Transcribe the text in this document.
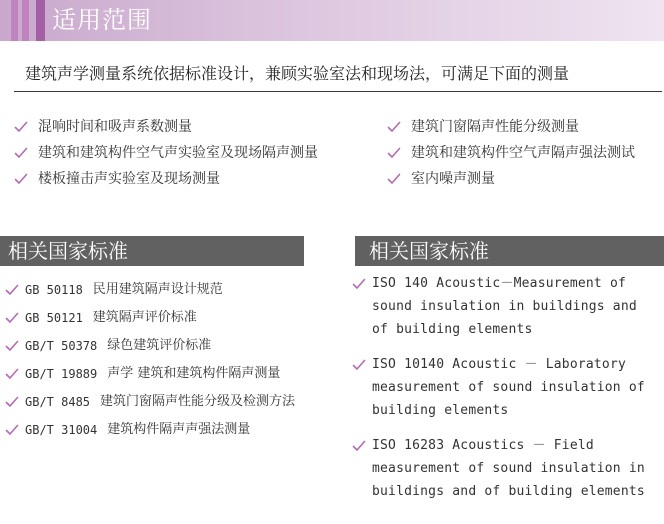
适用范围
建筑声学测量系统依据标准设计，兼顾实验室法和现场法，可满足下面的测量
混响时间和吸声系数测量
建筑和建筑构件空气声实验室及现场隔声测量
楼板撞击声实验室及现场测量
建筑门窗隔声性能分级测量
建筑和建筑构件空气声隔声强法测试
室内噪声测量
相关国家标准	相关国家标准
GB 50118 民用建筑隔声设计规范
GB 50121 建筑隔声评价标准
GB/T 50378 绿色建筑评价标准
GB/T 19889 声学 建筑和建筑构件隔声测量
GB/T 8485 建筑门窗隔声性能分级及检测方法
GB/T 31004 建筑构件隔声声强法测量
ISO 140 Acoustic－Measurement of
sound insulation in buildings and
of building elements
ISO 10140 Acoustic － Laboratory
measurement of sound insulation of
building elements
ISO 16283 Acoustics － Field
measurement of sound insulation in
buildings and of building elements
